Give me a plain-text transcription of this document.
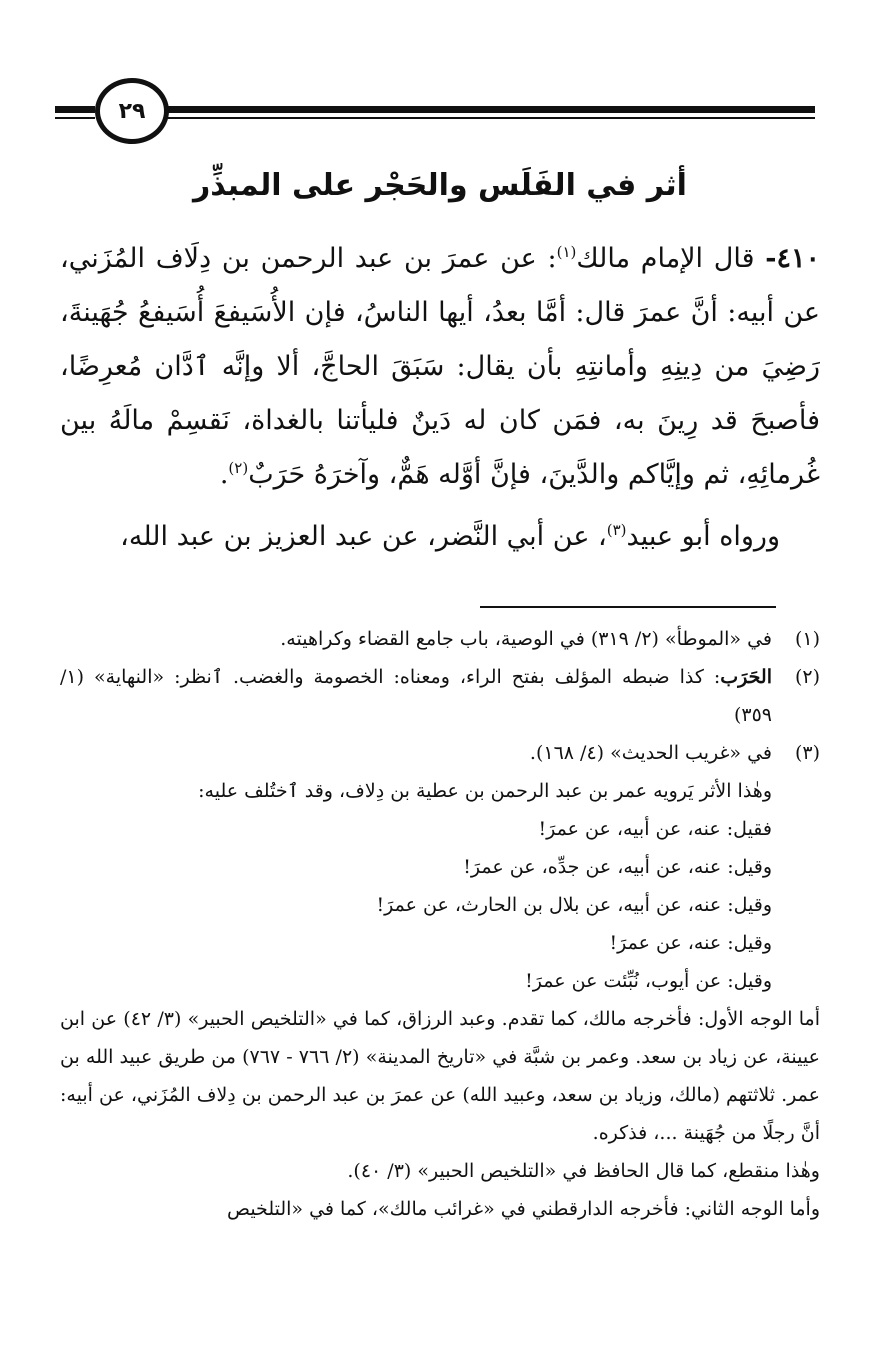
٢٩
أثر في الفَلَس والحَجْر على المبذِّر

٤١٠- قال الإمام مالك$^{(١)}$: عن عمرَ بن عبد الرحمن بن دِلَاف المُزَني، عن أبيه: أنَّ عمرَ قال: أمَّا بعدُ، أيها الناسُ، فإن الأُسَيفعَ أُسَيفعُ جُهَينةَ، رَضِيَ من دِينِهِ وأمانتِهِ بأن يقال: سَبَقَ الحاجَّ، ألا وإنَّه ٱدَّان مُعرِضًا، فأصبحَ قد رِينَ به، فمَن كان له دَينٌ فليأتنا بالغداة، نَقسِمْ مالَهُ بين غُرمائِهِ، ثم وإيَّاكم والدَّينَ، فإنَّ أوَّله هَمٌّ، وآخرَهُ حَرَبٌ$^{(٢)}$.

ورواه أبو عبيد$^{(٣)}$، عن أبي النَّضر، عن عبد العزيز بن عبد الله،

(١)
في «الموطأ» (٢/ ٣١٩) في الوصية، باب جامع القضاء وكراهيته.
(٢)
الحَرَب: كذا ضبطه المؤلف بفتح الراء، ومعناه: الخصومة والغضب. ٱنظر: «النهاية» (١/ ٣٥٩)
(٣)
في «غريب الحديث» (٤/ ١٦٨).

وهٰذا الأثر يَرويه عمر بن عبد الرحمن بن عطية بن دِلاف، وقد ٱختُلف عليه:

فقيل: عنه، عن أبيه، عن عمرَ!

وقيل: عنه، عن أبيه، عن جدِّه، عن عمرَ!

وقيل: عنه، عن أبيه، عن بلال بن الحارث، عن عمرَ!

وقيل: عنه، عن عمرَ!

وقيل: عن أيوب، نُبِّئت عن عمرَ!

أما الوجه الأول: فأخرجه مالك، كما تقدم. وعبد الرزاق، كما في «التلخيص الحبير» (٣/ ٤٢) عن ابن عيينة، عن زياد بن سعد. وعمر بن شبَّة في «تاريخ المدينة» (٢/ ٧٦٦ - ٧٦٧) من طريق عبيد الله بن عمر. ثلاثتهم (مالك، وزياد بن سعد، وعبيد الله) عن عمرَ بن عبد الرحمن بن دِلاف المُزَني، عن أبيه: أنَّ رجلًا من جُهَينة ...، فذكره.

وهٰذا منقطع، كما قال الحافظ في «التلخيص الحبير» (٣/ ٤٠).

وأما الوجه الثاني: فأخرجه الدارقطني في «غرائب مالك»، كما في «التلخيص
